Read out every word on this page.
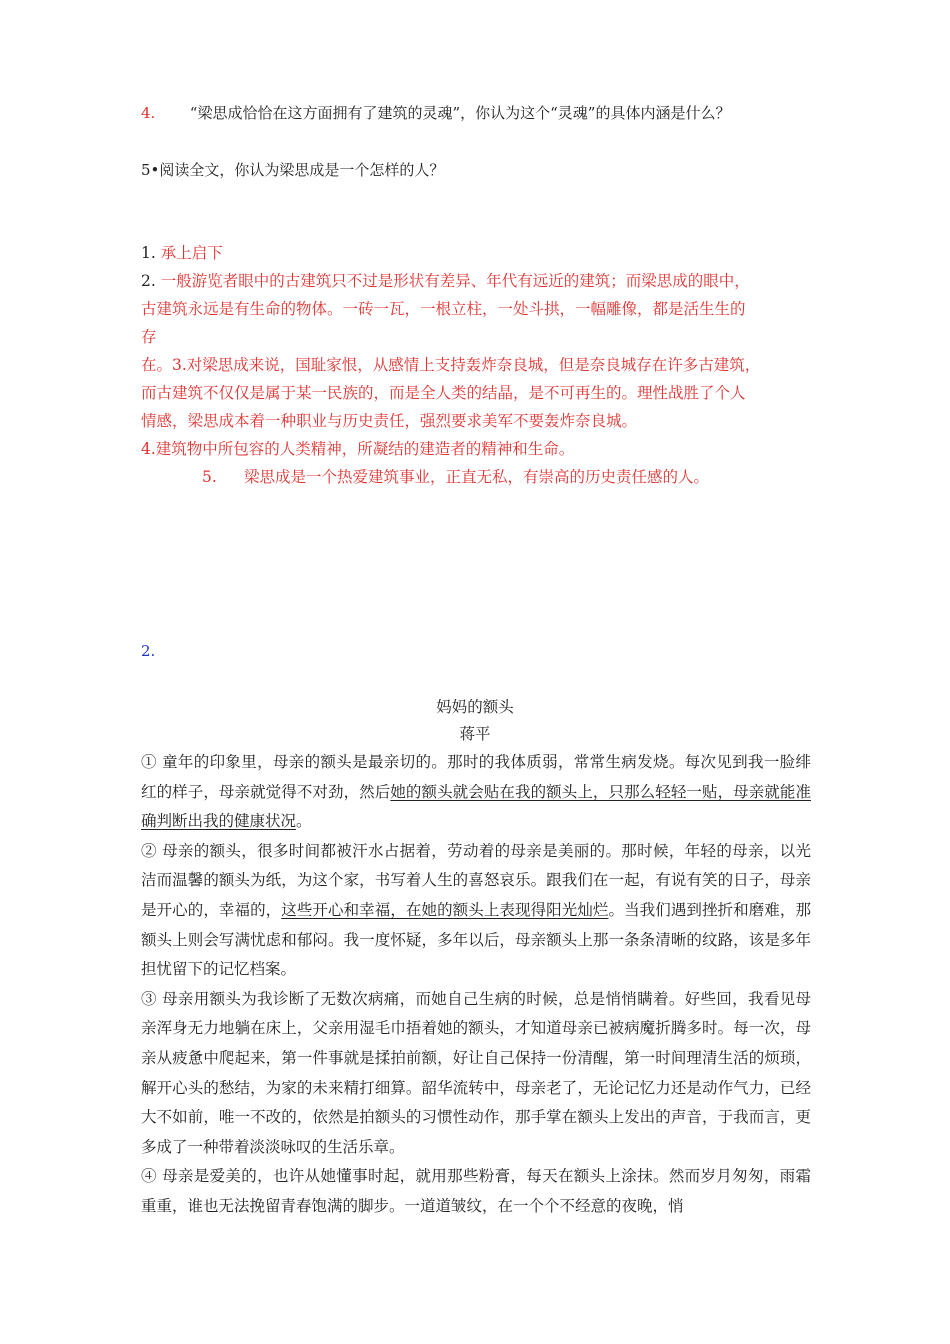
4. “梁思成恰恰在这方面拥有了建筑的灵魂”，你认为这个“灵魂”的具体内涵是什么？
5•阅读全文，你认为梁思成是一个怎样的人？
1. 承上启下
2. 一般游览者眼中的古建筑只不过是形状有差异、年代有远近的建筑；而梁思成的眼中，
古建筑永远是有生命的物体。一砖一瓦，一根立柱，一处斗拱，一幅雕像，都是活生生的
存
在。3.对梁思成来说，国耻家恨，从感情上支持轰炸奈良城，但是奈良城存在许多古建筑，
而古建筑不仅仅是属于某一民族的，而是全人类的结晶，是不可再生的。理性战胜了个人
情感，梁思成本着一种职业与历史责任，强烈要求美军不要轰炸奈良城。
4.建筑物中所包容的人类精神，所凝结的建造者的精神和生命。
5. 梁思成是一个热爱建筑事业，正直无私，有崇高的历史责任感的人。
2.
妈妈的额头
蒋平

① 童年的印象里，母亲的额头是最亲切的。那时的我体质弱，常常生病发烧。每次见到我一脸绯红的样子，母亲就觉得不对劲，然后她的额头就会贴在我的额头上，只那么轻轻一贴，母亲就能准确判断出我的健康状况。

② 母亲的额头，很多时间都被汗水占据着，劳动着的母亲是美丽的。那时候，年轻的母亲，以光洁而温馨的额头为纸，为这个家，书写着人生的喜怒哀乐。跟我们在一起，有说有笑的日子，母亲是开心的，幸福的，这些开心和幸福，在她的额头上表现得阳光灿烂。当我们遇到挫折和磨难，那额头上则会写满忧虑和郁闷。我一度怀疑，多年以后，母亲额头上那一条条清晰的纹路，该是多年担忧留下的记忆档案。

③ 母亲用额头为我诊断了无数次病痛，而她自己生病的时候，总是悄悄瞒着。好些回，我看见母亲浑身无力地躺在床上，父亲用湿毛巾捂着她的额头，才知道母亲已被病魔折腾多时。每一次，母亲从疲惫中爬起来，第一件事就是揉拍前额，好让自己保持一份清醒，第一时间理清生活的烦琐，解开心头的愁结，为家的未来精打细算。韶华流转中，母亲老了，无论记忆力还是动作气力，已经大不如前，唯一不改的，依然是拍额头的习惯性动作，那手掌在额头上发出的声音，于我而言，更多成了一种带着淡淡咏叹的生活乐章。

④ 母亲是爱美的，也许从她懂事时起，就用那些粉膏，每天在额头上涂抹。然而岁月匆匆，雨霜重重，谁也无法挽留青春饱满的脚步。一道道皱纹，在一个个不经意的夜晚，悄
